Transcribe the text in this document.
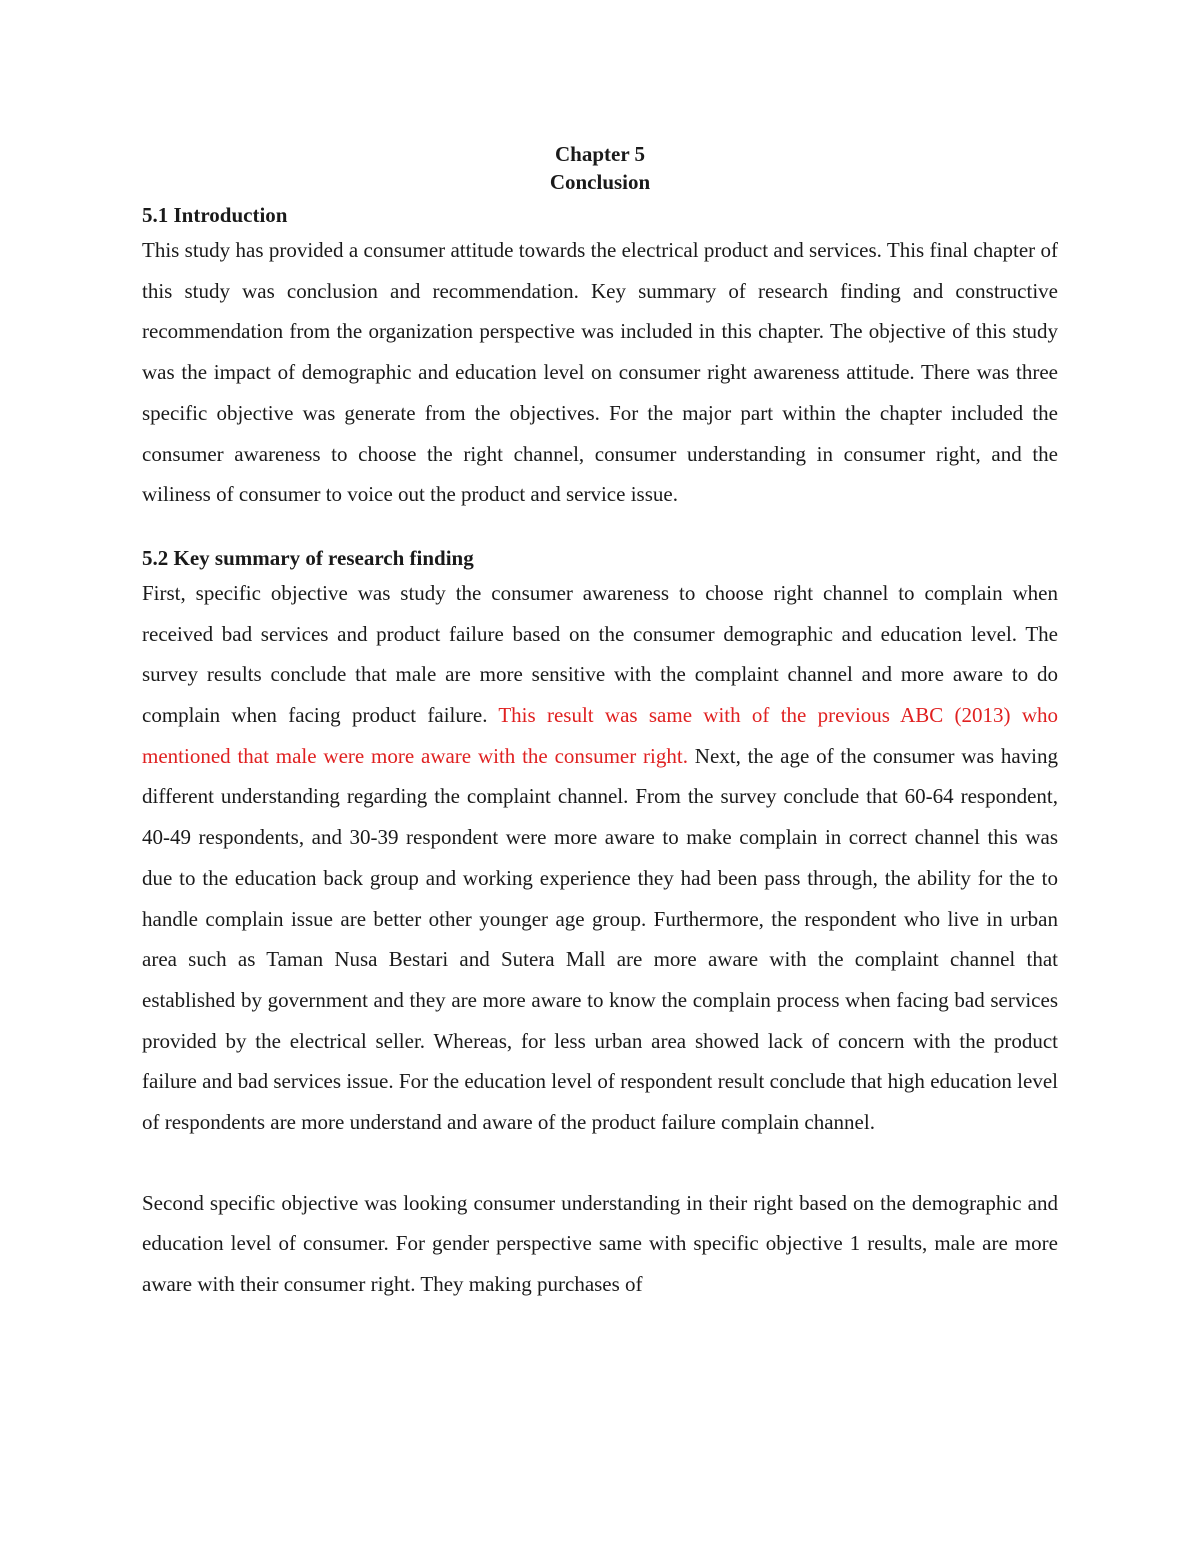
Chapter 5
Conclusion
5.1 Introduction

This study has provided a consumer attitude towards the electrical product and services. This final chapter of this study was conclusion and recommendation. Key summary of research finding and constructive recommendation from the organization perspective was included in this chapter. The objective of this study was the impact of demographic and education level on consumer right awareness attitude. There was three specific objective was generate from the objectives. For the major part within the chapter included the consumer awareness to choose the right channel, consumer understanding in consumer right, and the wiliness of consumer to voice out the product and service issue.

5.2 Key summary of research finding

First, specific objective was study the consumer awareness to choose right channel to complain when received bad services and product failure based on the consumer demographic and education level. The survey results conclude that male are more sensitive with the complaint channel and more aware to do complain when facing product failure. This result was same with of the previous ABC (2013) who mentioned that male were more aware with the consumer right. Next, the age of the consumer was having different understanding regarding the complaint channel. From the survey conclude that 60-64 respondent, 40-49 respondents, and 30-39 respondent were more aware to make complain in correct channel this was due to the education back group and working experience they had been pass through, the ability for the to handle complain issue are better other younger age group. Furthermore, the respondent who live in urban area such as Taman Nusa Bestari and Sutera Mall are more aware with the complaint channel that established by government and they are more aware to know the complain process when facing bad services provided by the electrical seller. Whereas, for less urban area showed lack of concern with the product failure and bad services issue. For the education level of respondent result conclude that high education level of respondents are more understand and aware of the product failure complain channel.

Second specific objective was looking consumer understanding in their right based on the demographic and education level of consumer. For gender perspective same with specific objective 1 results, male are more aware with their consumer right. They making purchases of
